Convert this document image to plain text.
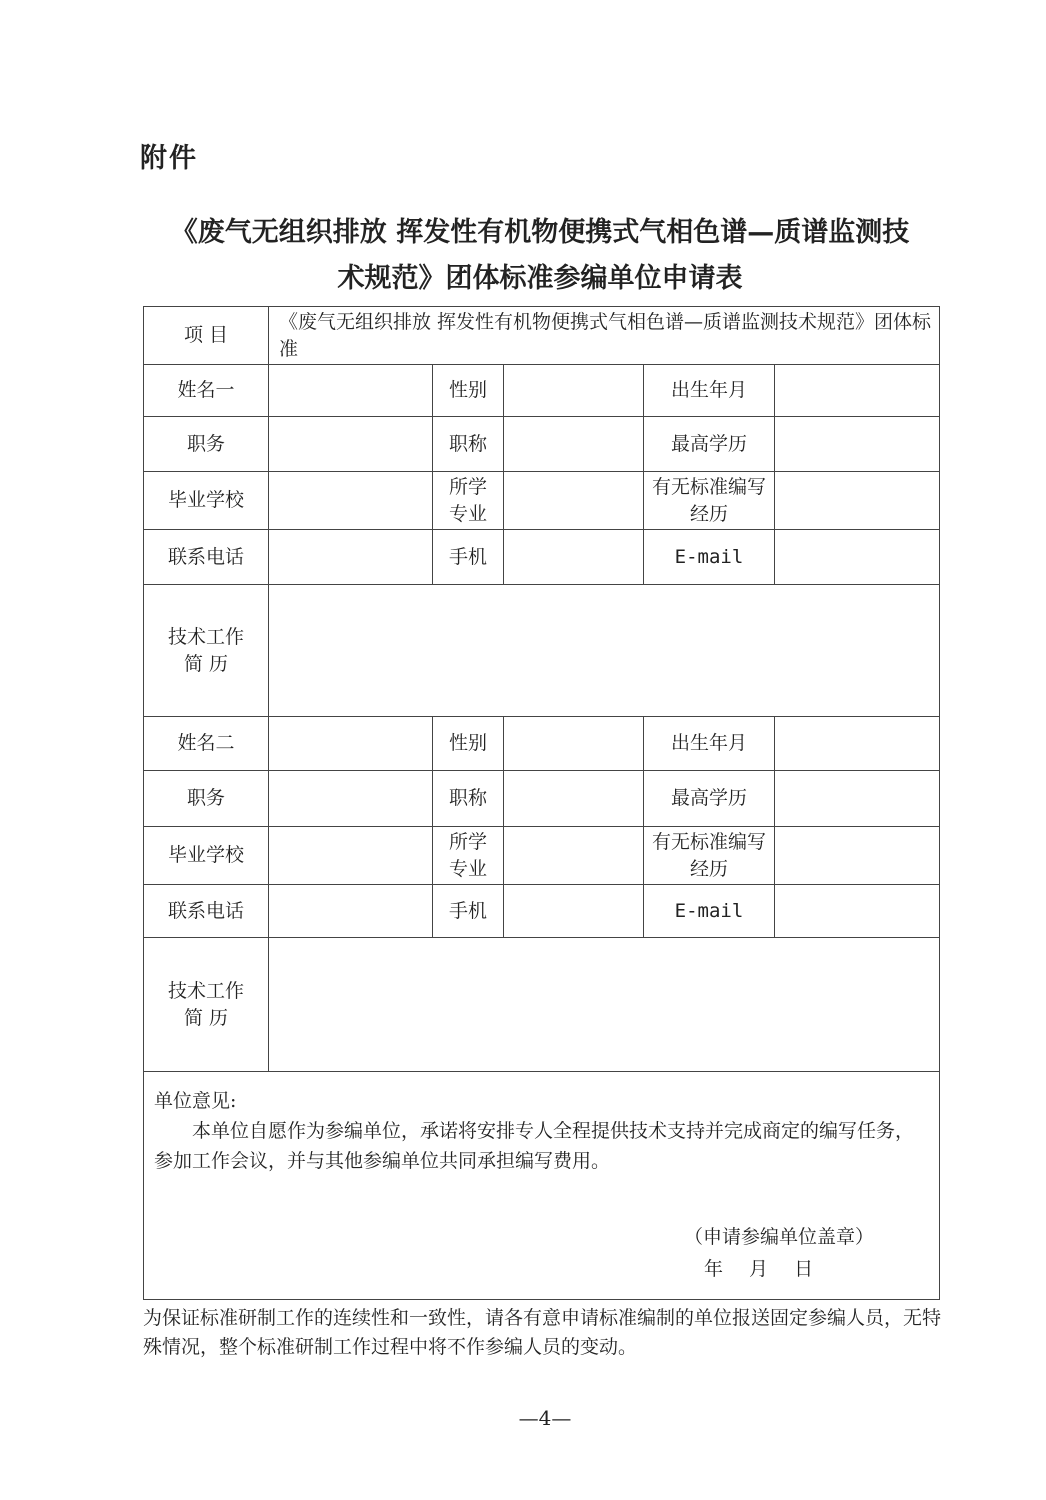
附件
《废气无组织排放 挥发性有机物便携式气相色谱—质谱监测技
术规范》团体标准参编单位申请表
项 目	《废气无组织排放 挥发性有机物便携式气相色谱—质谱监测技术规范》团体标准				
姓名一		性别		出生年月	
职务		职称		最高学历	
毕业学校		所学专业		有无标准编写经历	
联系电话		手机		E-mail	
技术工作简 历					
姓名二		性别		出生年月	
职务		职称		最高学历	
毕业学校		所学专业		有无标准编写经历	
联系电话		手机		E-mail	
技术工作简 历					

单位意见:
本单位自愿作为参编单位，承诺将安排专人全程提供技术支持并完成商定的编写任务，参加工作会议，并与其他参编单位共同承担编写费用。
（申请参编单位盖章）
年 月 日					
为保证标准研制工作的连续性和一致性，请各有意申请标准编制的单位报送固定参编人员，无特殊情况，整个标准研制工作过程中将不作参编人员的变动。
—4—
